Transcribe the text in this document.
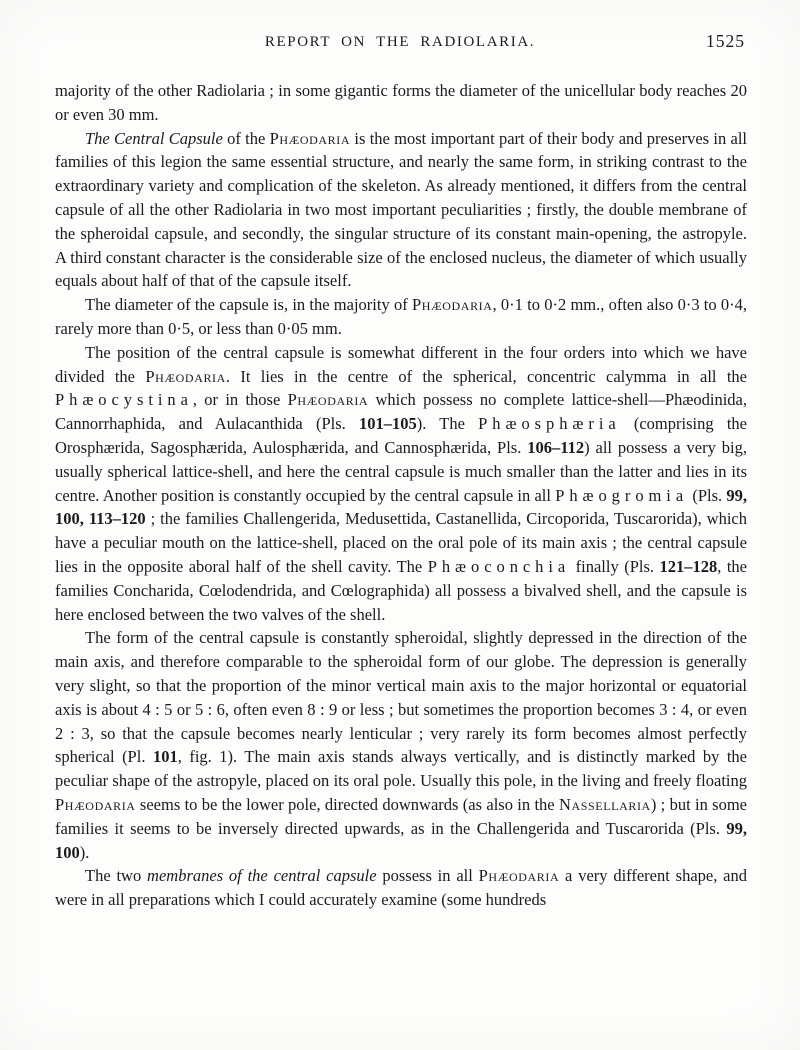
REPORT ON THE RADIOLARIA.	1525

majority of the other Radiolaria ; in some gigantic forms the diameter of the unicellular body reaches 20 or even 30 mm.

The Central Capsule of the Phæodaria is the most important part of their body and preserves in all families of this legion the same essential structure, and nearly the same form, in striking contrast to the extraordinary variety and complication of the skeleton. As already mentioned, it differs from the central capsule of all the other Radiolaria in two most important peculiarities ; firstly, the double membrane of the spheroidal capsule, and secondly, the singular structure of its constant main-opening, the astropyle. A third constant character is the considerable size of the enclosed nucleus, the diameter of which usually equals about half of that of the capsule itself.

The diameter of the capsule is, in the majority of Phæodaria, 0·1 to 0·2 mm., often also 0·3 to 0·4, rarely more than 0·5, or less than 0·05 mm.

The position of the central capsule is somewhat different in the four orders into which we have divided the Phæodaria. It lies in the centre of the spherical, concentric calymma in all the Phæocystina, or in those Phæodaria which possess no complete lattice-shell—Phæodinida, Cannorrhaphida, and Aulacanthida (Pls. 101–105). The Phæosphæria (comprising the Orosphærida, Sagosphærida, Aulosphærida, and Cannosphærida, Pls. 106–112) all possess a very big, usually spherical lattice-shell, and here the central capsule is much smaller than the latter and lies in its centre. Another position is constantly occupied by the central capsule in all Phæogromia (Pls. 99, 100, 113–120 ; the families Challengerida, Medusettida, Castanellida, Circoporida, Tuscarorida), which have a peculiar mouth on the lattice-shell, placed on the oral pole of its main axis ; the central capsule lies in the opposite aboral half of the shell cavity. The Phæoconchia finally (Pls. 121–128, the families Concharida, Cœlodendrida, and Cœlographida) all possess a bivalved shell, and the capsule is here enclosed between the two valves of the shell.

The form of the central capsule is constantly spheroidal, slightly depressed in the direction of the main axis, and therefore comparable to the spheroidal form of our globe. The depression is generally very slight, so that the proportion of the minor vertical main axis to the major horizontal or equatorial axis is about 4 : 5 or 5 : 6, often even 8 : 9 or less ; but sometimes the proportion becomes 3 : 4, or even 2 : 3, so that the capsule becomes nearly lenticular ; very rarely its form becomes almost perfectly spherical (Pl. 101, fig. 1). The main axis stands always vertically, and is distinctly marked by the peculiar shape of the astropyle, placed on its oral pole. Usually this pole, in the living and freely floating Phæodaria seems to be the lower pole, directed downwards (as also in the Nassellaria) ; but in some families it seems to be inversely directed upwards, as in the Challengerida and Tuscarorida (Pls. 99, 100).

The two membranes of the central capsule possess in all Phæodaria a very different shape, and were in all preparations which I could accurately examine (some hundreds
